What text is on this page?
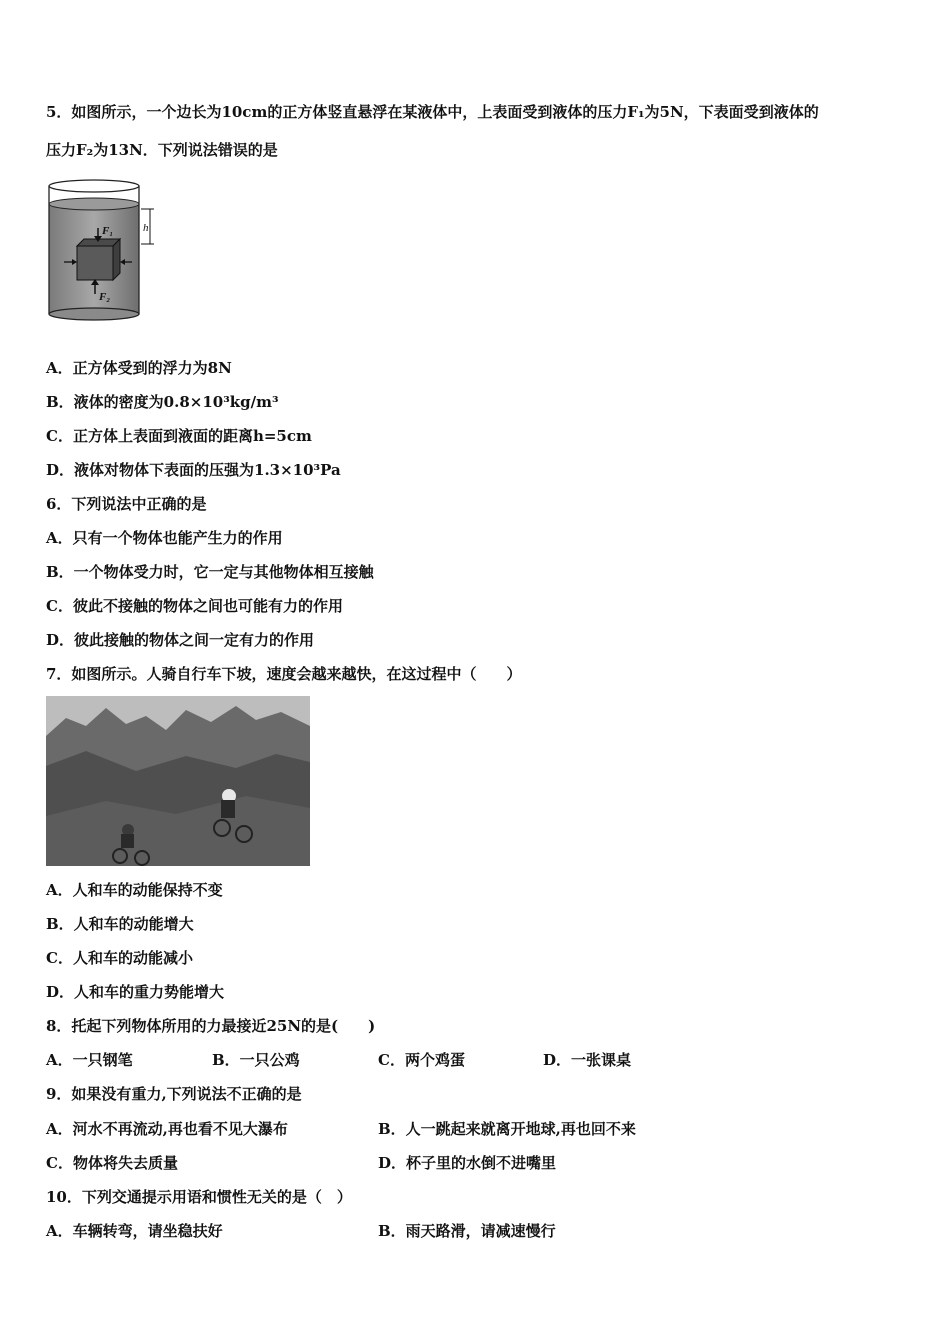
5．如图所示，一个边长为10cm的正方体竖直悬浮在某液体中，上表面受到液体的压力F₁为5N，下表面受到液体的
压力F₂为13N．下列说法错误的是
F₁
F₂
h
A．正方体受到的浮力为8N
B．液体的密度为0.8×10³kg/m³
C．正方体上表面到液面的距离h=5cm
D．液体对物体下表面的压强为1.3×10³Pa
6．下列说法中正确的是
A．只有一个物体也能产生力的作用
B．一个物体受力时，它一定与其他物体相互接触
C．彼此不接触的物体之间也可能有力的作用
D．彼此接触的物体之间一定有力的作用
7．如图所示。人骑自行车下坡，速度会越来越快，在这过程中（　　）
A．人和车的动能保持不变
B．人和车的动能增大
C．人和车的动能减小
D．人和车的重力势能增大
8．托起下列物体所用的力最接近25N的是(　　)
A．一只钢笔	B．一只公鸡	C．两个鸡蛋	D．一张课桌
9．如果没有重力,下列说法不正确的是
A．河水不再流动,再也看不见大瀑布	B．人一跳起来就离开地球,再也回不来
C．物体将失去质量	D．杯子里的水倒不进嘴里
10．下列交通提示用语和惯性无关的是（　）
A．车辆转弯，请坐稳扶好	B．雨天路滑，请减速慢行
